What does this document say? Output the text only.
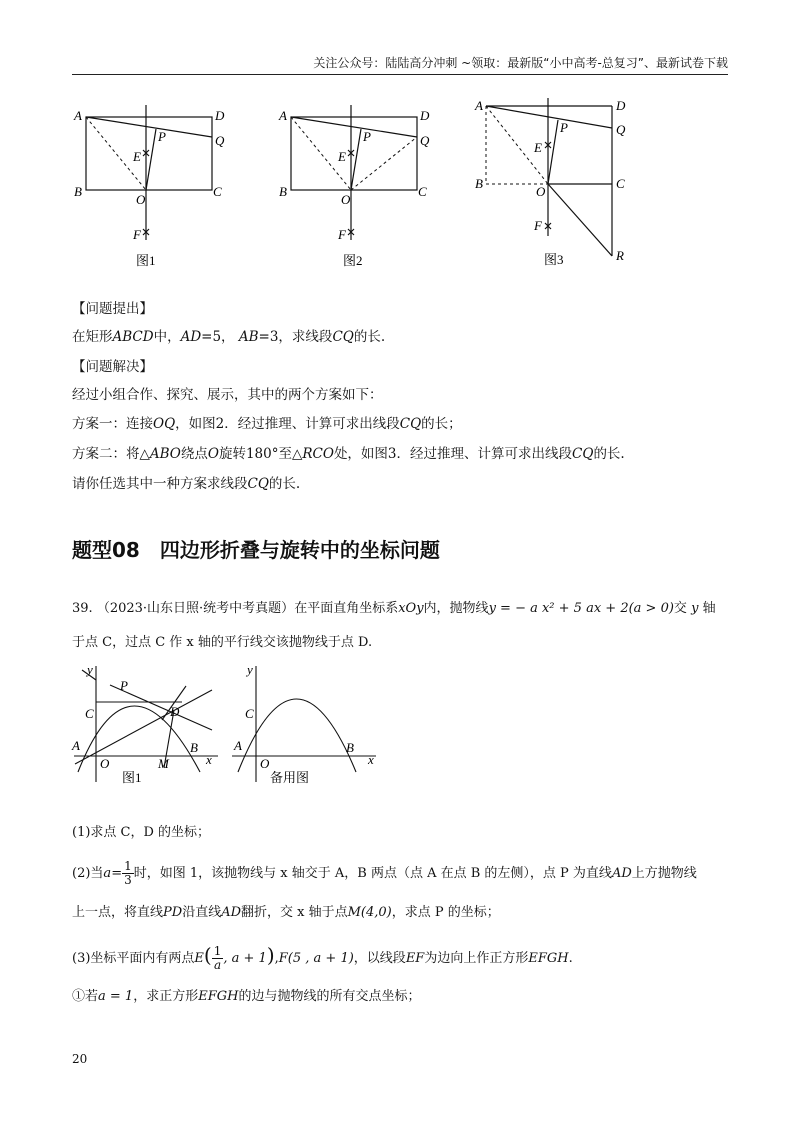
关注公众号：陆陆高分冲刺 ~领取：最新版“小中高考-总复习”、最新试卷下载
A	D
P	Q
E
B	C
O
F
图1
A	D
P	Q
E
B	C
O
F
图2
A	D
P	Q
E
B	C
O
F
R
图3
【问题提出】
在矩形ABCD中，AD=5， AB=3，求线段CQ的长.
【问题解决】
经过小组合作、探究、展示，其中的两个方案如下：
方案一：连接OQ，如图2．经过推理、计算可求出线段CQ的长；
方案二：将△ABO绕点O旋转180°至△RCO处，如图3．经过推理、计算可求出线段CQ的长.
请你任选其中一种方案求线段CQ的长.
题型08　四边形折叠与旋转中的坐标问题
39. （2023·山东日照·统考中考真题）在平面直角坐标系xOy内，抛物线y = − a x² + 5 ax + 2(a > 0)交 y 轴
于点 C，过点 C 作 x 轴的平行线交该抛物线于点 D.
y
P
C	D
A	B
O	M	x
图1
y
C
A	B
O	x
备用图
(1)求点 C，D 的坐标；
(2)当$a= \frac{1}{3}$ 时，如图 1，该抛物线与 x 轴交于 A，B 两点（点 A 在点 B 的左侧），点 P 为直线AD上方抛物线
上一点，将直线PD沿直线AD翻折，交 x 轴于点M(4,0)，求点 P 的坐标；
(3)坐标平面内有两点$E( \frac{1}{a}$ , a + 1),F(5 , a + 1)，以线段EF为边向上作正方形EFGH.
①若a = 1，求正方形EFGH的边与抛物线的所有交点坐标；
20
